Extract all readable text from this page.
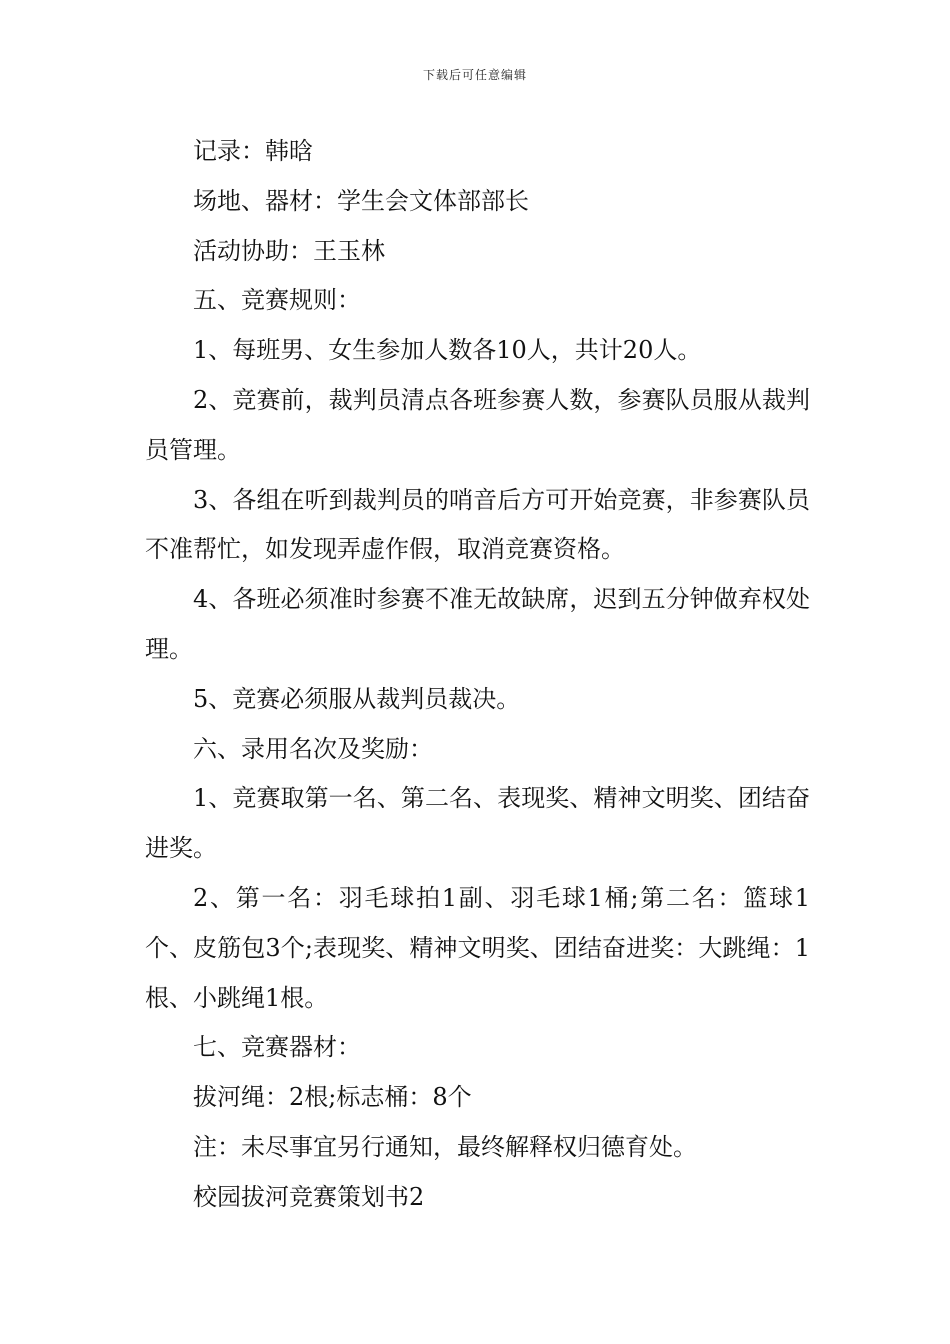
下载后可任意编辑

记录：韩晗

场地、器材：学生会文体部部长

活动协助：王玉林

五、竞赛规则：

1、每班男、女生参加人数各10人，共计20人。

2、竞赛前，裁判员清点各班参赛人数，参赛队员服从裁判员管理。

3、各组在听到裁判员的哨音后方可开始竞赛，非参赛队员不准帮忙，如发现弄虚作假，取消竞赛资格。

4、各班必须准时参赛不准无故缺席，迟到五分钟做弃权处理。

5、竞赛必须服从裁判员裁决。

六、录用名次及奖励：

1、竞赛取第一名、第二名、表现奖、精神文明奖、团结奋进奖。

2、第一名：羽毛球拍1副、羽毛球1桶;第二名：篮球1个、皮筋包3个;表现奖、精神文明奖、团结奋进奖：大跳绳：1根、小跳绳1根。

七、竞赛器材：

拔河绳：2根;标志桶：8个

注：未尽事宜另行通知，最终解释权归德育处。

校园拔河竞赛策划书2
